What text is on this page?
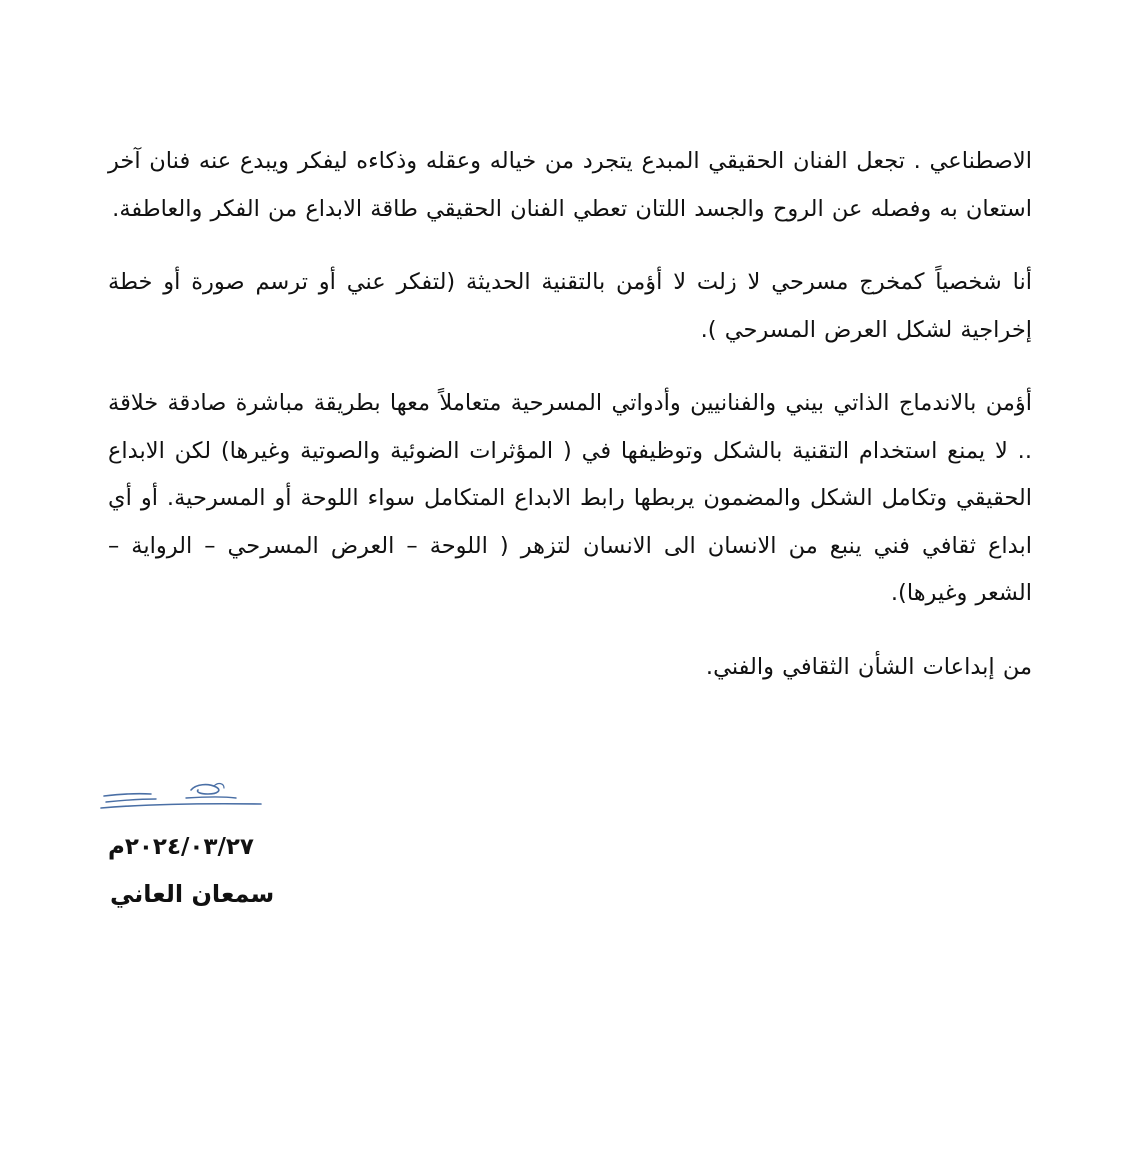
الاصطناعي . تجعل الفنان الحقيقي المبدع يتجرد من خياله وعقله وذكاءه ليفكر ويبدع عنه فنان آخر استعان به وفصله عن الروح والجسد اللتان تعطي الفنان الحقيقي طاقة الابداع من الفكر والعاطفة.

أنا شخصياً كمخرج مسرحي لا زلت لا أؤمن بالتقنية الحديثة (لتفكر عني أو ترسم صورة أو خطة إخراجية لشكل العرض المسرحي ).

أؤمن بالاندماج الذاتي بيني والفنانيين وأدواتي المسرحية متعاملاً معها بطريقة مباشرة صادقة خلاقة .. لا يمنع استخدام التقنية بالشكل وتوظيفها في ( المؤثرات الضوئية والصوتية وغيرها) لكن الابداع الحقيقي وتكامل الشكل والمضمون يربطها رابط الابداع المتكامل سواء اللوحة أو المسرحية. أو أي ابداع ثقافي فني ينبع من الانسان الى الانسان لتزهر ( اللوحة – العرض المسرحي – الرواية – الشعر وغيرها).

من إبداعات الشأن الثقافي والفني.

٢٠٢٤/٠٣/٢٧م
سمعان العاني
